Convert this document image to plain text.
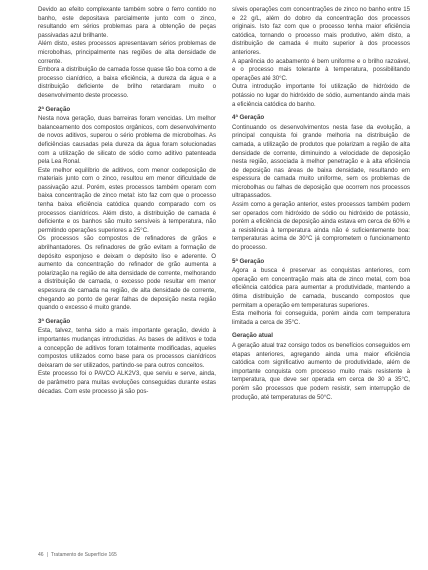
Devido ao efeito complexante também sobre o ferro contido no banho, este depositava parcialmente junto com o zinco, resultando em sérios problemas para a obtenção de peças passivadas azul brilhante.

Além disto, estes processos apresentavam sérios problemas de microbolhas, principalmente nas regiões de alta densidade de corrente.

Embora a distribuição de camada fosse quase tão boa como a de processo cianídrico, a baixa eficiência, a dureza da água e a distribuição deficiente de brilho retardaram muito o desenvolvimento deste processo.

2ª Geração

Nesta nova geração, duas barreiras foram vencidas. Um melhor balanceamento dos compostos orgânicos, com desenvolvimento de novos aditivos, superou o sério problema de microbolhas. As deficiências causadas pela dureza da água foram solucionadas com a utilização de silicato de sódio como aditivo patenteada pela Lea Ronal.

Este melhor equilíbrio de aditivos, com menor codeposição de materiais junto com o zinco, resultou em menor dificuldade de passivação azul. Porém, estes processos também operam com baixa concentração de zinco metal: isto faz com que o processo tenha baixa eficiência catódica quando comparado com os processos cianídricos. Além disto, a distribuição de camada é deficiente e os banhos são muito sensíveis à temperatura, não permitindo operações superiores a 25°C.

Os processos são compostos de refinadores de grãos e abrilhantadores. Os refinadores de grão evitam a formação de depósito esponjoso e deixam o depósito liso e aderente. O aumento da concentração do refinador de grão aumenta a polarização na região de alta densidade de corrente, melhorando a distribuição de camada, o excesso pode resultar em menor espessura de camada na região, de alta densidade de corrente, chegando ao ponto de gerar falhas de deposição nesta região quando o excesso é muito grande.

3ª Geração

Esta, talvez, tenha sido a mais importante geração, devido à importantes mudanças introduzidas. As bases de aditivos e toda a concepção de aditivos foram totalmente modificadas, aqueles compostos utilizados como base para os processos cianídricos deixaram de ser utilizados, partindo-se para outros conceitos.

Este processo foi o PAVCO ALK2V3, que serviu e serve, ainda, de parâmetro para muitas evoluções conseguidas durante estas décadas. Com este processo já são pos-

síveis operações com concentrações de zinco no banho entre 15 e 22 g/L, além do dobro da concentração dos processos originais. Isto faz com que o processo tenha maior eficiência catódica, tornando o processo mais produtivo, além disto, a distribuição de camada é muito superior à dos processos anteriores.

A aparência do acabamento é bem uniforme e o brilho razoável, e o processo mais tolerante à temperatura, possibilitando operações até 30°C.

Outra introdução importante foi utilização de hidróxido de potássio no lugar do hidróxido de sódio, aumentando ainda mais a eficiência catódica do banho.

4ª Geração

Continuando os desenvolvimentos nesta fase da evolução, a principal conquista foi grande melhoria na distribuição de camada, a utilização de produtos que polarizam a região de alta densidade de corrente, diminuindo a velocidade de deposição nesta região, associada à melhor penetração e à alta eficiência de deposição nas áreas de baixa densidade, resultando em espessura de camada muito uniforme, sem os problemas de microbolhas ou falhas de deposição que ocorrem nos processos ultrapassados.

Assim como a geração anterior, estes processos também podem ser operados com hidróxido de sódio ou hidróxido de potássio, porém a eficiência de deposição ainda estava em cerca de 60% e a resistência à temperatura ainda não é suficientemente boa: temperaturas acima de 30°C já comprometem o funcionamento do processo.

5ª Geração

Agora a busca é preservar as conquistas anteriores, com operação em concentração mais alta de zinco metal, com boa eficiência catódica para aumentar a produtividade, mantendo a ótima distribuição de camada, buscando compostos que permitam a operação em temperaturas superiores.

Esta melhoria foi conseguida, porém ainda com temperatura limitada a cerca de 35°C.

Geração atual

A geração atual traz consigo todos os benefícios conseguidos em etapas anteriores, agregando ainda uma maior eficiência catódica com significativo aumento de produtividade, além de importante conquista com processo muito mais resistente à temperatura, que deve ser operada em cerca de 30 a 35°C, porém são processos que podem resistir, sem interrupção de produção, até temperaturas de 50°C.

46 | Tratamento de Superfície 165
